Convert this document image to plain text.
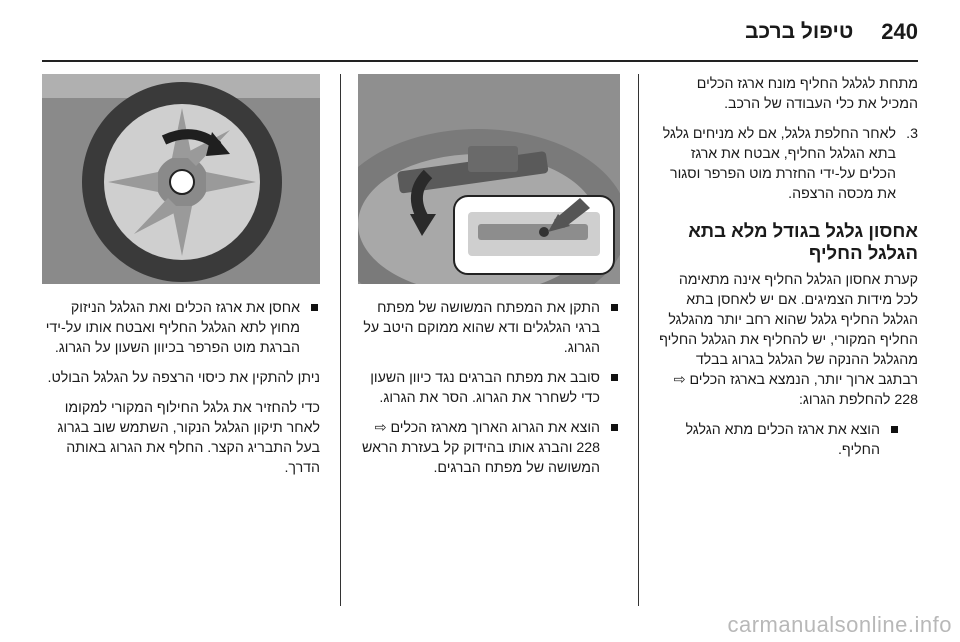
240
טיפול ברכב

מתחת לגלגל החליף מונח ארגז הכלים המכיל את כלי העבודה של הרכב.

3.
לאחר החלפת גלגל, אם לא מניחים גלגל בתא הגלגל החליף, אבטח את ארגז הכלים על-ידי החזרת מוט הפרפר וסגור את מכסה הרצפה.
אחסון גלגל בגודל מלא בתא הגלגל החליף

קערת אחסון הגלגל החליף אינה מתאימה לכל מידות הצמיגים. אם יש לאחסן בתא הגלגל החליף גלגל שהוא רחב יותר מהגלגל החליף המקורי, יש להחליף את הגלגל החליף מהגלגל ההנקה של הגלגל בגרוג בבלד רבתגב ארוך יותר, הנמצא בארגז הכלים ⇨ 228 להחלפת הגרוג:

הוצא את ארגז הכלים מתא הגלגל החליף.
התקן את המפתח המשושה של מפתח ברגי הגלגלים ודא שהוא ממוקם היטב על הגרוג.
סובב את מפתח הברגים נגד כיוון השעון כדי לשחרר את הגרוג. הסר את הגרוג.
הוצא את הגרוג הארוך מארגז הכלים ⇨ 228 והברג אותו בהידוק קל בעזרת הראש המשושה של מפתח הברגים.
אחסן את ארגז הכלים ואת הגלגל הניזוק מחוץ לתא הגלגל החליף ואבטח אותו על-ידי הברגת מוט הפרפר בכיוון השעון על הגרוג.

ניתן להתקין את כיסוי הרצפה על הגלגל הבולט.

כדי להחזיר את גלגל החילוף המקורי למקומו לאחר תיקון הגלגל הנקור, השתמש שוב בגרוג בעל התבריג הקצר. החלף את הגרוג באותה הדרך.

carmanualsonline.info
